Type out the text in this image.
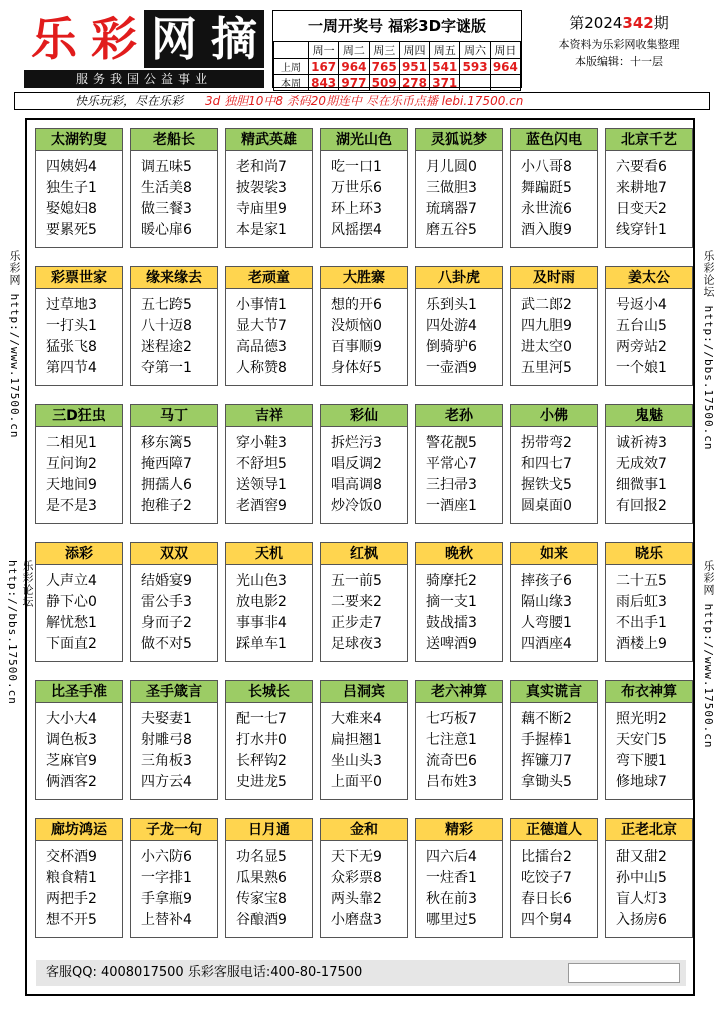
乐 彩 网 摘
服务我国公益事业
一周开奖号 福彩3D字谜版
	周一	周二	周三	周四	周五	周六	周日
上周	167	964	765	951	541	593	964
本周	843	977	509	278	371		
第2024342期
本资料为乐彩网收集整理
本版编辑：十一层
快乐玩彩，尽在乐彩	3d 独胆10中8 杀码20期连中 尽在乐币点播 lebi.17500.cn
乐彩网 http://www.17500.cn
乐彩论坛 http://bbs.17500.cn
乐彩论坛 http://bbs.17500.cn
乐彩网 http://www.17500.cn
太湖钓叟
四姨妈4
独生子1
娶媳妇8
要累死5
老船长
调五味5
生活美8
做三餐3
暖心扉6
精武英雄
老和尚7
披袈裟3
寺庙里9
本是家1
湖光山色
吃一口1
万世乐6
环上环3
风摇摆4
灵狐说梦
月儿圆0
三做胆3
琉璃器7
磨五谷5
蓝色闪电
小八哥8
舞蹁跹5
永世流6
酒入腹9
北京千艺
六要看6
来耕地7
日变天2
线穿针1
彩票世家
过草地3
一打头1
猛张飞8
第四节4
缘来缘去
五七跨5
八十迈8
迷程途2
夺第一1
老顽童
小事情1
显大节7
高品德3
人称赞8
大胜寨
想的开6
没烦恼0
百事顺9
身体好5
八卦虎
乐到头1
四处游4
倒骑驴6
一壶酒9
及时雨
武二郎2
四九胆9
进太空0
五里河5
姜太公
号返小4
五台山5
两旁站2
一个娘1
三D狂虫
二相见1
互问询2
天地间9
是不是3
马丁
移东篱5
掩西障7
拥孺人6
抱稚子2
吉祥
穿小鞋3
不舒坦5
送领导1
老酒窖9
彩仙
拆烂污3
唱反调2
唱高调8
炒冷饭0
老孙
警花靓5
平常心7
三扫帚3
一酒座1
小佛
拐带弯2
和四七7
握铁戈5
圆桌面0
鬼魅
诚祈祷3
无成效7
细微事1
有回报2
添彩
人声立4
静下心0
解忧愁1
下面直2
双双
结婚宴9
雷公手3
身而子2
做不对5
天机
光山色3
放电影2
事事非4
踩单车1
红枫
五一前5
二要来2
正步走7
足球夜3
晚秋
骑摩托2
摘一支1
鼓战擂3
送啤酒9
如来
摔孩子6
隔山缘3
人弯腰1
四酒座4
晓乐
二十五5
雨后虹3
不出手1
酒楼上9
比圣手准
大小大4
调色板3
芝麻官9
俩酒客2
圣手箴言
夫娶妻1
射雕弓8
三角板3
四方云4
长城长
配一七7
打水井0
长秤钩2
史进龙5
吕洞宾
大难来4
扁担翘1
坐山头3
上面平0
老六神算
七巧板7
七注意1
流奇巴6
吕布姓3
真实谎言
藕不断2
手握棒1
挥镰刀7
拿锄头5
布衣神算
照光明2
天安门5
弯下腰1
修地球7
廊坊鸿运
交杯酒9
粮食精1
两把手2
想不开5
子龙一句
小六防6
一字排1
手拿瓶9
上替补4
日月通
功名显5
瓜果熟6
传家宝8
谷酿酒9
金和
天下无9
众彩票8
两头靠2
小磨盘3
精彩
四六后4
一炷香1
秋在前3
哪里过5
正德道人
比擂台2
吃饺子7
春日长6
四个舅4
正老北京
甜又甜2
孙中山5
盲人灯3
入扬房6
客服QQ: 4008017500 乐彩客服电话:400-80-17500
